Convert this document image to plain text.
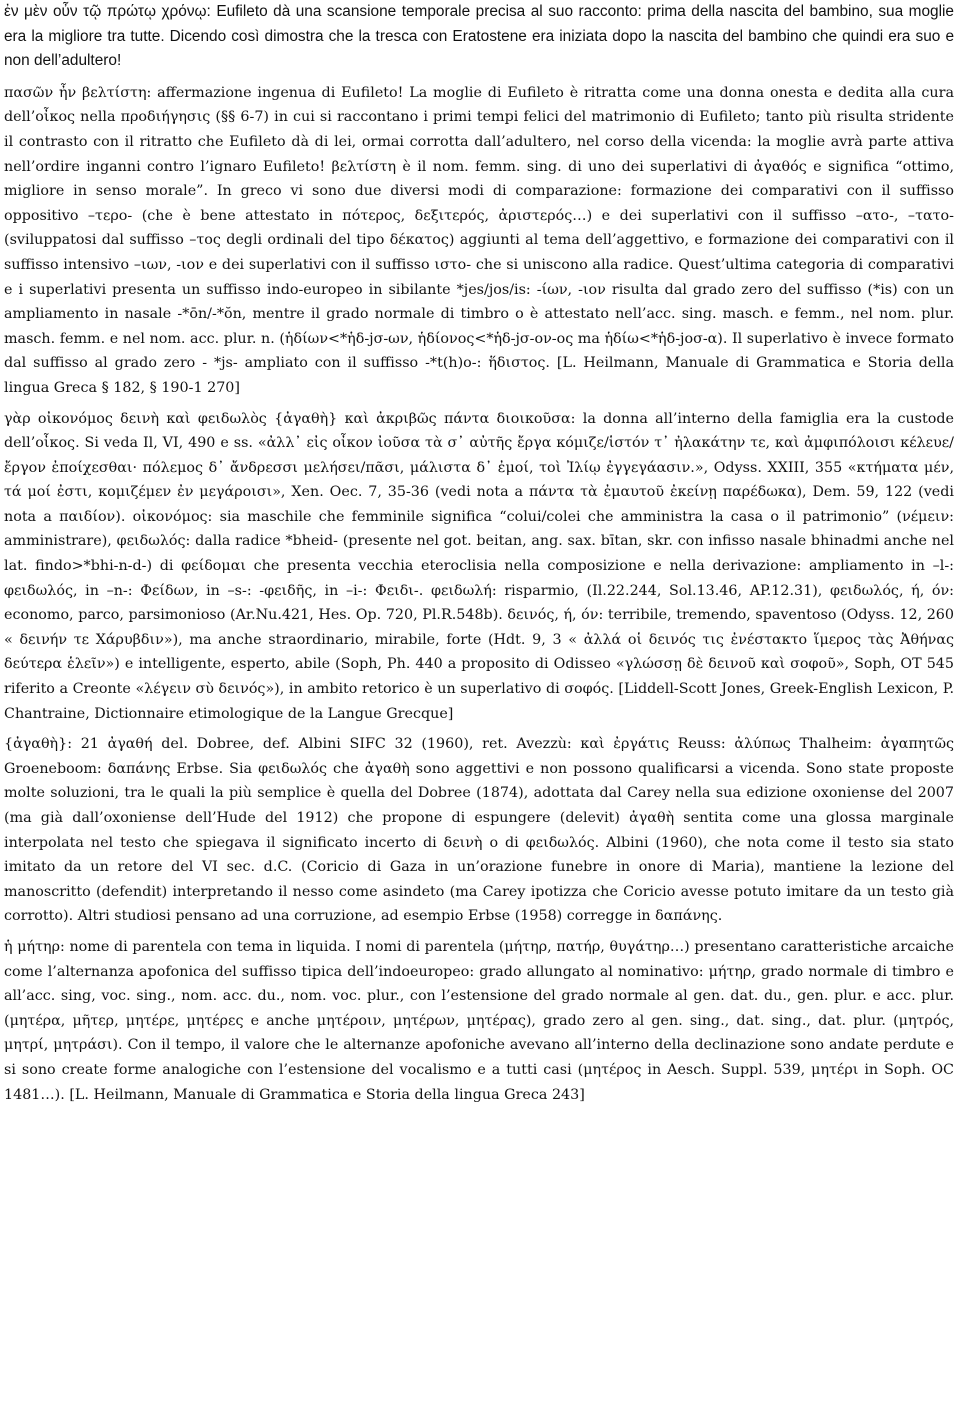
ἐν μὲν οὖν τῷ πρώτῳ χρόνῳ: Eufileto dà una scansione temporale precisa al suo racconto: prima della nascita del bambino, sua moglie era la migliore tra tutte. Dicendo così dimostra che la tresca con Eratostene era iniziata dopo la nascita del bambino che quindi era suo e non dell’adultero!

πασῶν ἦν βελτίστη: affermazione ingenua di Eufileto! La moglie di Eufileto è ritratta come una donna onesta e dedita alla cura dell’οἶκος nella προδιήγησις (§§ 6-7) in cui si raccontano i primi tempi felici del matrimonio di Eufileto; tanto più risulta stridente il contrasto con il ritratto che Eufileto dà di lei, ormai corrotta dall’adultero, nel corso della vicenda: la moglie avrà parte attiva nell’ordire inganni contro l’ignaro Eufileto! βελτίστη è il nom. femm. sing. di uno dei superlativi di ἀγαθός e significa “ottimo, migliore in senso morale”. In greco vi sono due diversi modi di comparazione: formazione dei comparativi con il suffisso oppositivo –τερο- (che è bene attestato in πότερος, δεξιτερός, ἀριστερός…) e dei superlativi con il suffisso –ατο-, –τατο- (sviluppatosi dal suffisso –τος degli ordinali del tipo δέκατος) aggiunti al tema dell’aggettivo, e formazione dei comparativi con il suffisso intensivo –ιων, -ιον e dei superlativi con il suffisso ιστο- che si uniscono alla radice. Quest’ultima categoria di comparativi e i superlativi presenta un suffisso indo-europeo in sibilante *jes/jos/is: -ίων, -ιον risulta dal grado zero del suffisso (*is) con un ampliamento in nasale -*ōn/-*ŏn, mentre il grado normale di timbro o è attestato nell’acc. sing. masch. e femm., nel nom. plur. masch. femm. e nel nom. acc. plur. n. (ἡδίων<*ἡδ-jσ-ων, ἡδίονος<*ἡδ-jσ-ον-ος ma ἡδίω<*ἡδ-jοσ-α). Il superlativo è invece formato dal suffisso al grado zero - *js- ampliato con il suffisso -*t(h)o-: ἥδιστος. [L. Heilmann, Manuale di Grammatica e Storia della lingua Greca § 182, § 190-1 270]

γὰρ οἰκονόμος δεινὴ καὶ φειδωλὸς {ἀγαθὴ} καὶ ἀκριβῶς πάντα διοικοῦσα: la donna all’interno della famiglia era la custode dell’οἶκος. Si veda Il, VI, 490 e ss. «ἀλλ᾽ εἰς οἶκον ἰοῦσα τὰ σ᾽ αὐτῆς ἔργα κόμιζε/ἱστόν τ᾽ ἠλακάτην τε, καὶ ἀμφιπόλοισι κέλευε/ἔργον ἐποίχεσθαι· πόλεμος δ᾽ ἄνδρεσσι μελήσει/πᾶσι, μάλιστα δ᾽ ἐμοί, τοὶ Ἰλίῳ ἐγγεγάασιν.», Odyss. XXIII, 355 «κτήματα μέν, τά μοί ἐστι, κομιζέμεν ἐν μεγάροισι», Xen. Oec. 7, 35-36 (vedi nota a πάντα τὰ ἐμαυτοῦ ἐκείνῃ παρέδωκα), Dem. 59, 122 (vedi nota a παιδίον). οἰκονόμος: sia maschile che femminile significa “colui/colei che amministra la casa o il patrimonio” (νέμειν: amministrare), φειδωλός: dalla radice *bheid- (presente nel got. beitan, ang. sax. bītan, skr. con infisso nasale bhinadmi anche nel lat. findo>*bhi-n-d-) di φείδομαι che presenta vecchia eteroclisia nella composizione e nella derivazione: ampliamento in –l-: φειδωλός, in –n-: Φείδων, in –s-: -φειδῆς, in –i-: Φειδι-. φειδωλή: risparmio, (Il.22.244, Sol.13.46, AP.12.31), φειδωλός, ή, όν: economo, parco, parsimonioso (Ar.Nu.421, Hes. Op. 720, Pl.R.548b). δεινός, ή, όν: terribile, tremendo, spaventoso (Odyss. 12, 260 « δεινήν τε Χάρυβδιν»), ma anche straordinario, mirabile, forte (Hdt. 9, 3 « ἀλλά οἱ δεινός τις ἐνέστακτο ἵμερος τὰς Ἀθήνας δεύτερα ἑλεῖν») e intelligente, esperto, abile (Soph, Ph. 440 a proposito di Odisseo «γλώσσῃ δὲ δεινοῦ καὶ σοφοῦ», Soph, OT 545 riferito a Creonte «λέγειν σὺ δεινός»), in ambito retorico è un superlativo di σοφός. [Liddell-Scott Jones, Greek-English Lexicon, P. Chantraine, Dictionnaire etimologique de la Langue Grecque]

{ἀγαθὴ}: 21 ἀγαθή del. Dobree, def. Albini SIFC 32 (1960), ret. Avezzù: καὶ ἐργάτις Reuss: ἀλύπως Thalheim: ἀγαπητῶς Groeneboom: δαπάνης Erbse. Sia φειδωλός che ἀγαθὴ sono aggettivi e non possono qualificarsi a vicenda. Sono state proposte molte soluzioni, tra le quali la più semplice è quella del Dobree (1874), adottata dal Carey nella sua edizione oxoniense del 2007 (ma già dall’oxoniense dell’Hude del 1912) che propone di espungere (delevit) ἀγαθὴ sentita come una glossa marginale interpolata nel testo che spiegava il significato incerto di δεινὴ o di φειδωλός. Albini (1960), che nota come il testo sia stato imitato da un retore del VI sec. d.C. (Coricio di Gaza in un’orazione funebre in onore di Maria), mantiene la lezione del manoscritto (defendit) interpretando il nesso come asindeto (ma Carey ipotizza che Coricio avesse potuto imitare da un testo già corrotto). Altri studiosi pensano ad una corruzione, ad esempio Erbse (1958) corregge in δαπάνης.

ἡ μήτηρ: nome di parentela con tema in liquida. I nomi di parentela (μήτηρ, πατήρ, θυγάτηρ…) presentano caratteristiche arcaiche come l’alternanza apofonica del suffisso tipica dell’indoeuropeo: grado allungato al nominativo: μήτηρ, grado normale di timbro e all’acc. sing, voc. sing., nom. acc. du., nom. voc. plur., con l’estensione del grado normale al gen. dat. du., gen. plur. e acc. plur. (μητέρα, μῆτερ, μητέρε, μητέρες e anche μητέροιν, μητέρων, μητέρας), grado zero al gen. sing., dat. sing., dat. plur. (μητρός, μητρί, μητράσι). Con il tempo, il valore che le alternanze apofoniche avevano all’interno della declinazione sono andate perdute e si sono create forme analogiche con l’estensione del vocalismo e a tutti casi (μητέρος in Aesch. Suppl. 539, μητέρι in Soph. OC 1481…). [L. Heilmann, Manuale di Grammatica e Storia della lingua Greca 243]
